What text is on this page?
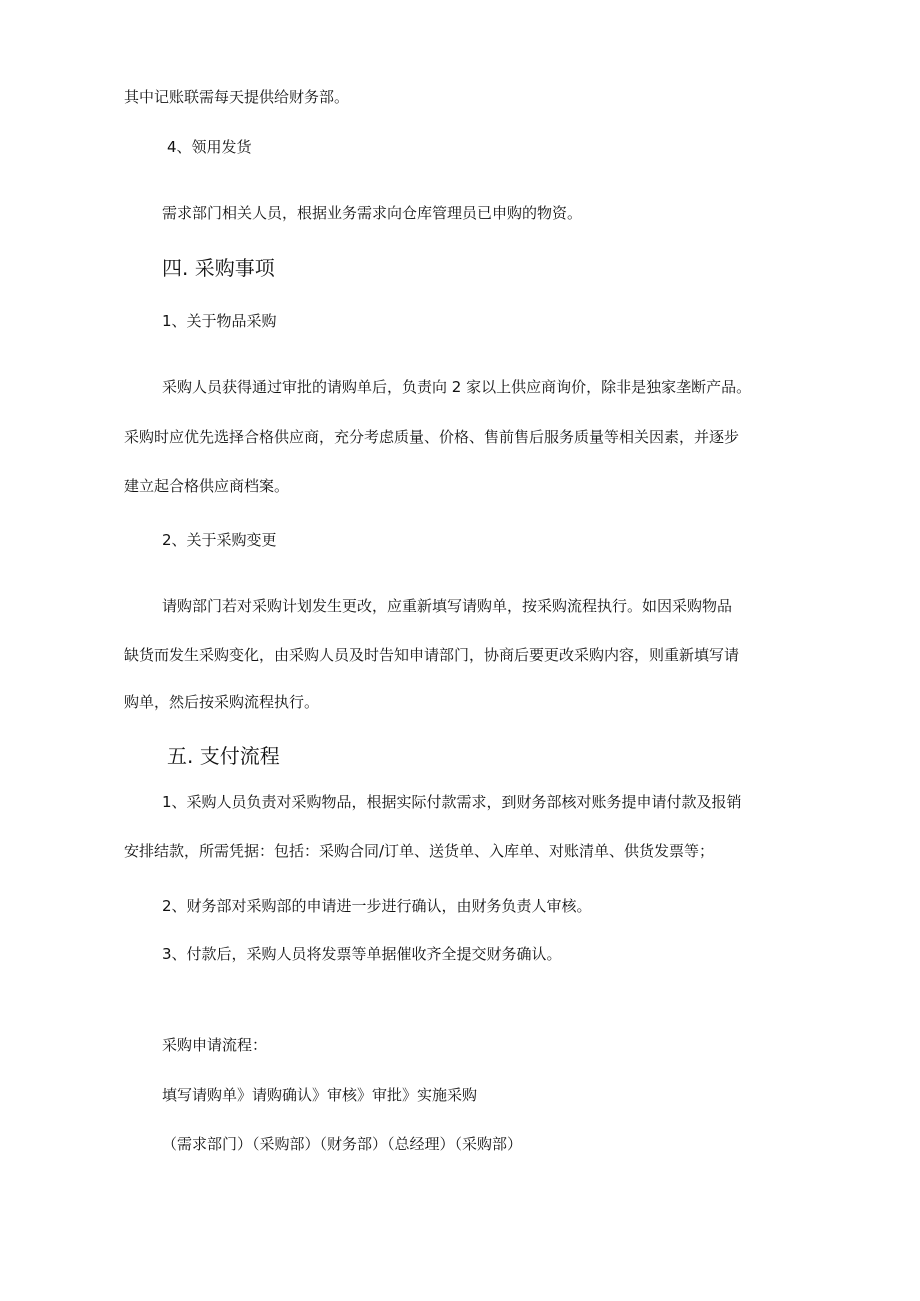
其中记账联需每天提供给财务部。
4、领用发货
需求部门相关人员，根据业务需求向仓库管理员已申购的物资。
四. 采购事项
1、关于物品采购
采购人员获得通过审批的请购单后，负责向 2 家以上供应商询价，除非是独家垄断产品。
采购时应优先选择合格供应商，充分考虑质量、价格、售前售后服务质量等相关因素，并逐步
建立起合格供应商档案。
2、关于采购变更
请购部门若对采购计划发生更改，应重新填写请购单，按采购流程执行。如因采购物品
缺货而发生采购变化，由采购人员及时告知申请部门，协商后要更改采购内容，则重新填写请
购单，然后按采购流程执行。
五. 支付流程
1、采购人员负责对采购物品，根据实际付款需求，到财务部核对账务提申请付款及报销
安排结款，所需凭据：包括：采购合同/订单、送货单、入库单、对账清单、供货发票等；
2、财务部对采购部的申请进一步进行确认，由财务负责人审核。
3、付款后，采购人员将发票等单据催收齐全提交财务确认。
采购申请流程：
填写请购单》请购确认》审核》审批》实施采购
（需求部门）（采购部）（财务部）（总经理）（采购部）
